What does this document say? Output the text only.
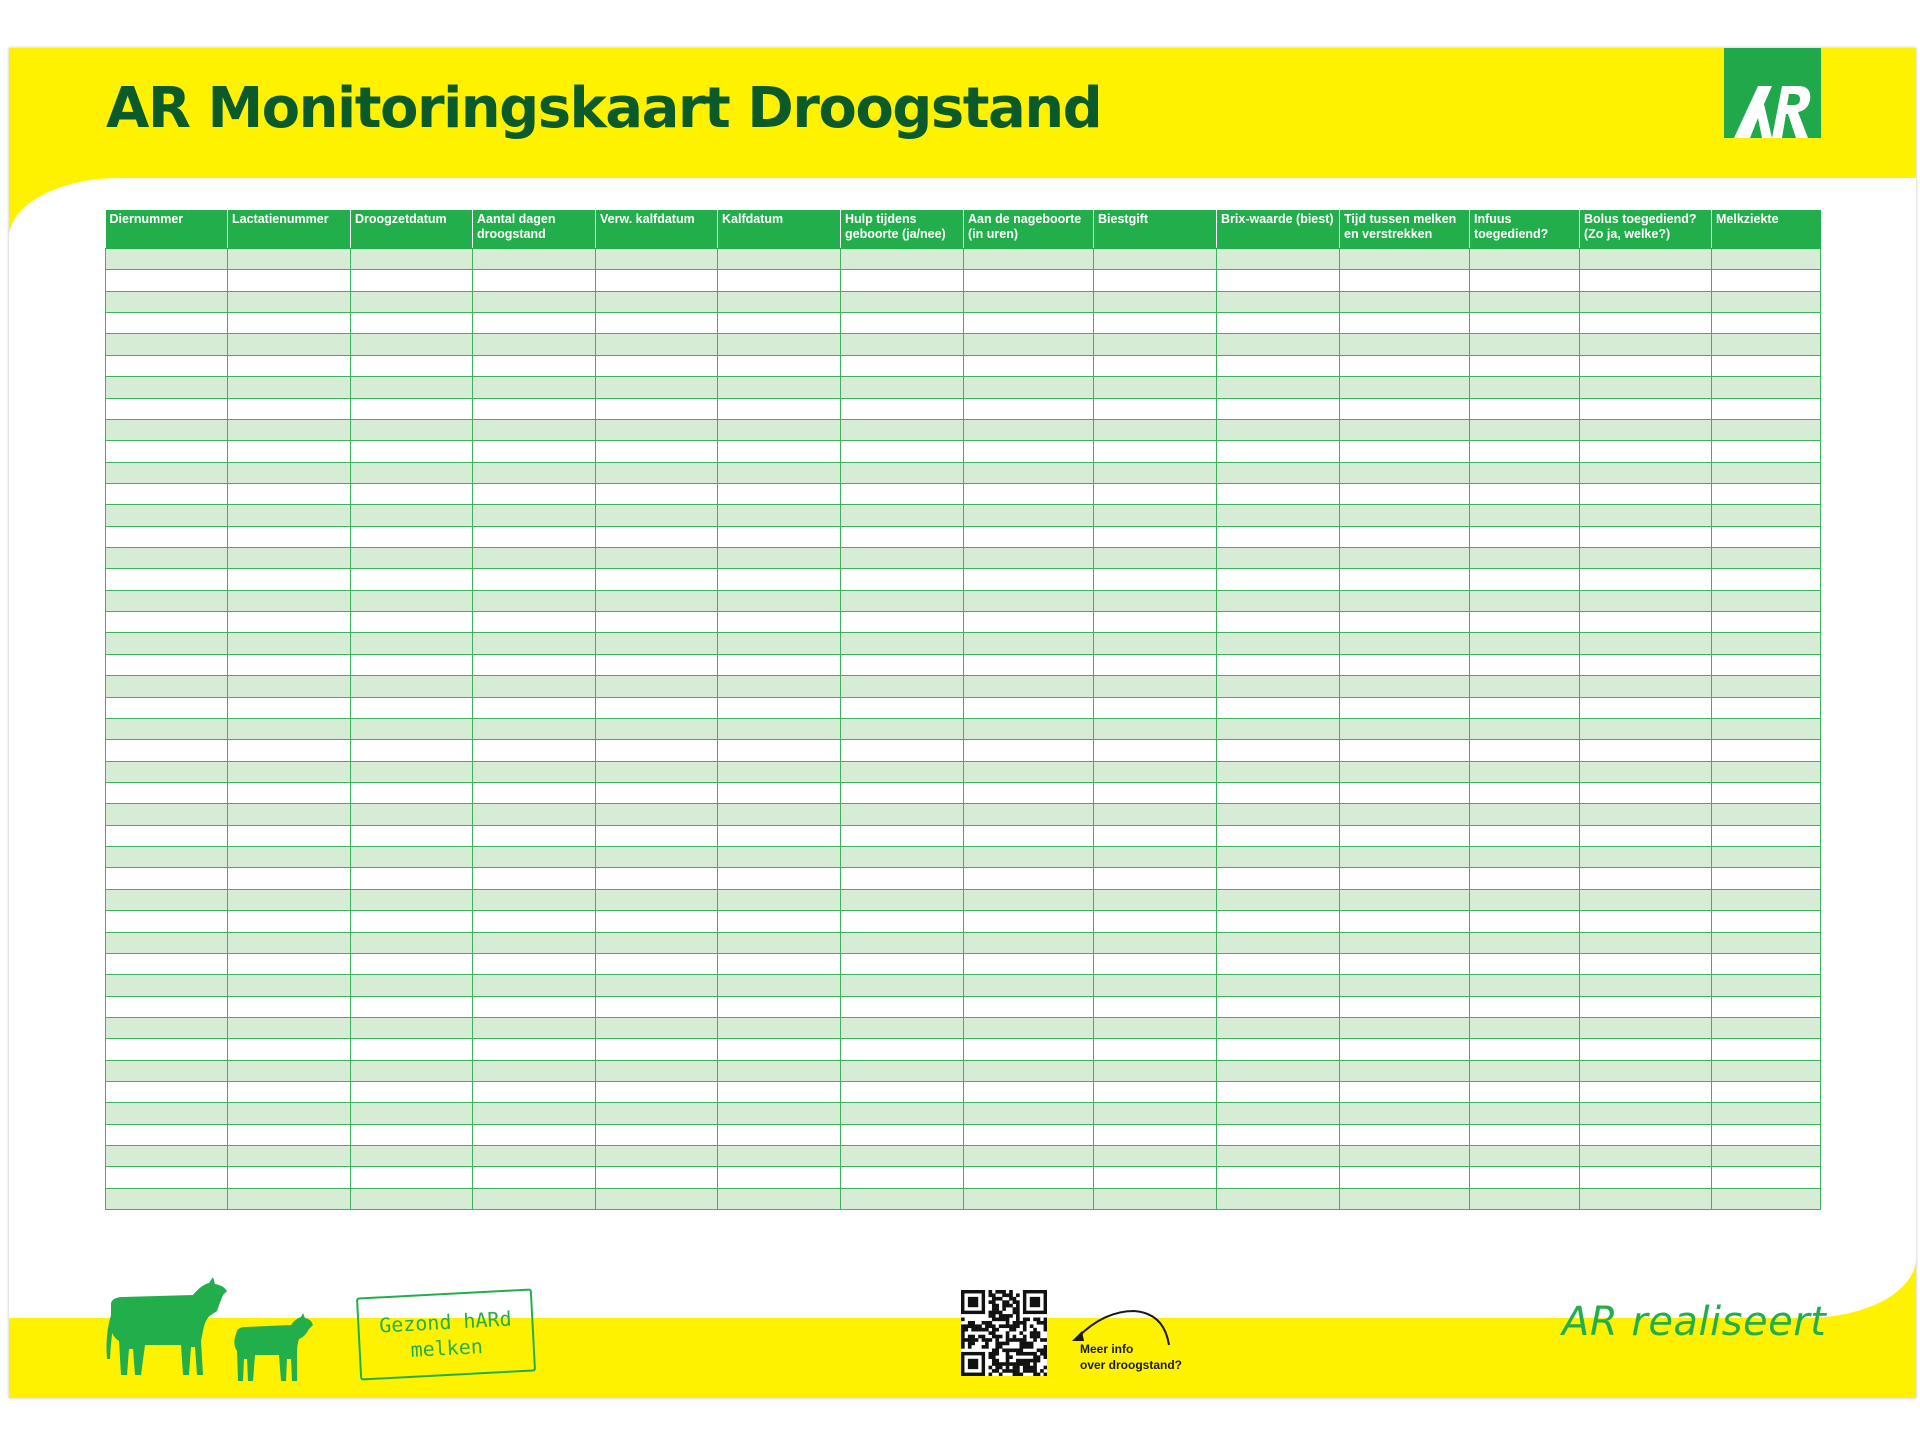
AR Monitoringskaart Droogstand
Diernummer	Lactatienummer	Droogzetdatum	Aantal dagen droogstand	Verw. kalfdatum	Kalfdatum	Hulp tijdens geboorte (ja/nee)	Aan de nageboorte (in uren)	Biestgift	Brix-waarde (biest)	Tijd tussen melken en verstrekken	Infuus toegediend?	Bolus toegediend? (Zo ja, welke?)	Melkziekte

Gezond hARd
melken	Meer info
over droogstand?
AR realiseert
